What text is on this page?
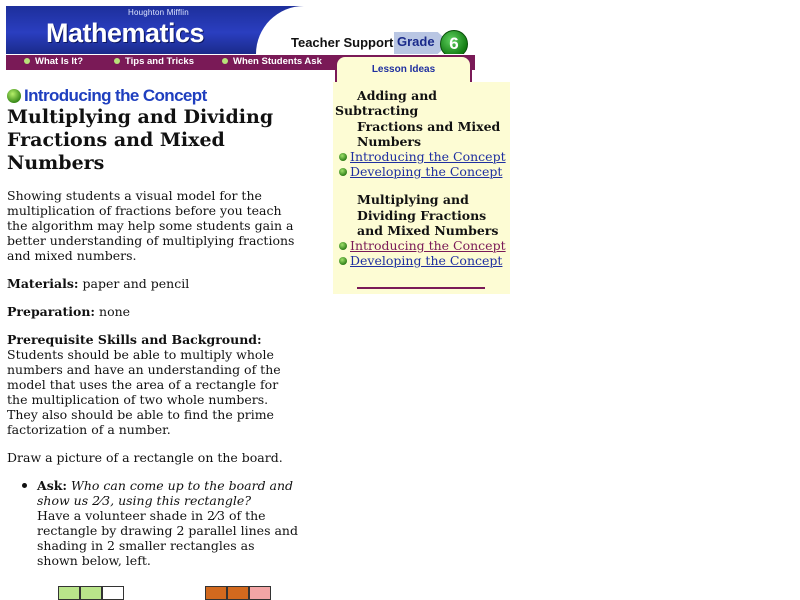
Houghton Mifflin
Mathematics	Teacher Support Grade 6
What Is It?	Tips and Tricks	When Students Ask
Lesson Ideas
Introducing the Concept
Multiplying and Dividing Fractions and Mixed Numbers

Showing students a visual model for the multiplication of fractions before you teach the algorithm may help some students gain a better understanding of multiplying fractions and mixed numbers.

Materials: paper and pencil

Preparation: none

Prerequisite Skills and Background:
Students should be able to multiply whole numbers and have an understanding of the model that uses the area of a rectangle for the multiplication of two whole numbers. They also should be able to find the prime factorization of a number.

Draw a picture of a rectangle on the board.

Ask: Who can come up to the board and show us 2⁄3, using this rectangle?
Have a volunteer shade in 2⁄3 of the rectangle by drawing 2 parallel lines and shading in 2 smaller rectangles as shown below, left.
Adding and
Subtracting
Fractions and Mixed
Numbers
Introducing the Concept
Developing the Concept
Multiplying and
Dividing Fractions
and Mixed Numbers
Introducing the Concept
Developing the Concept
